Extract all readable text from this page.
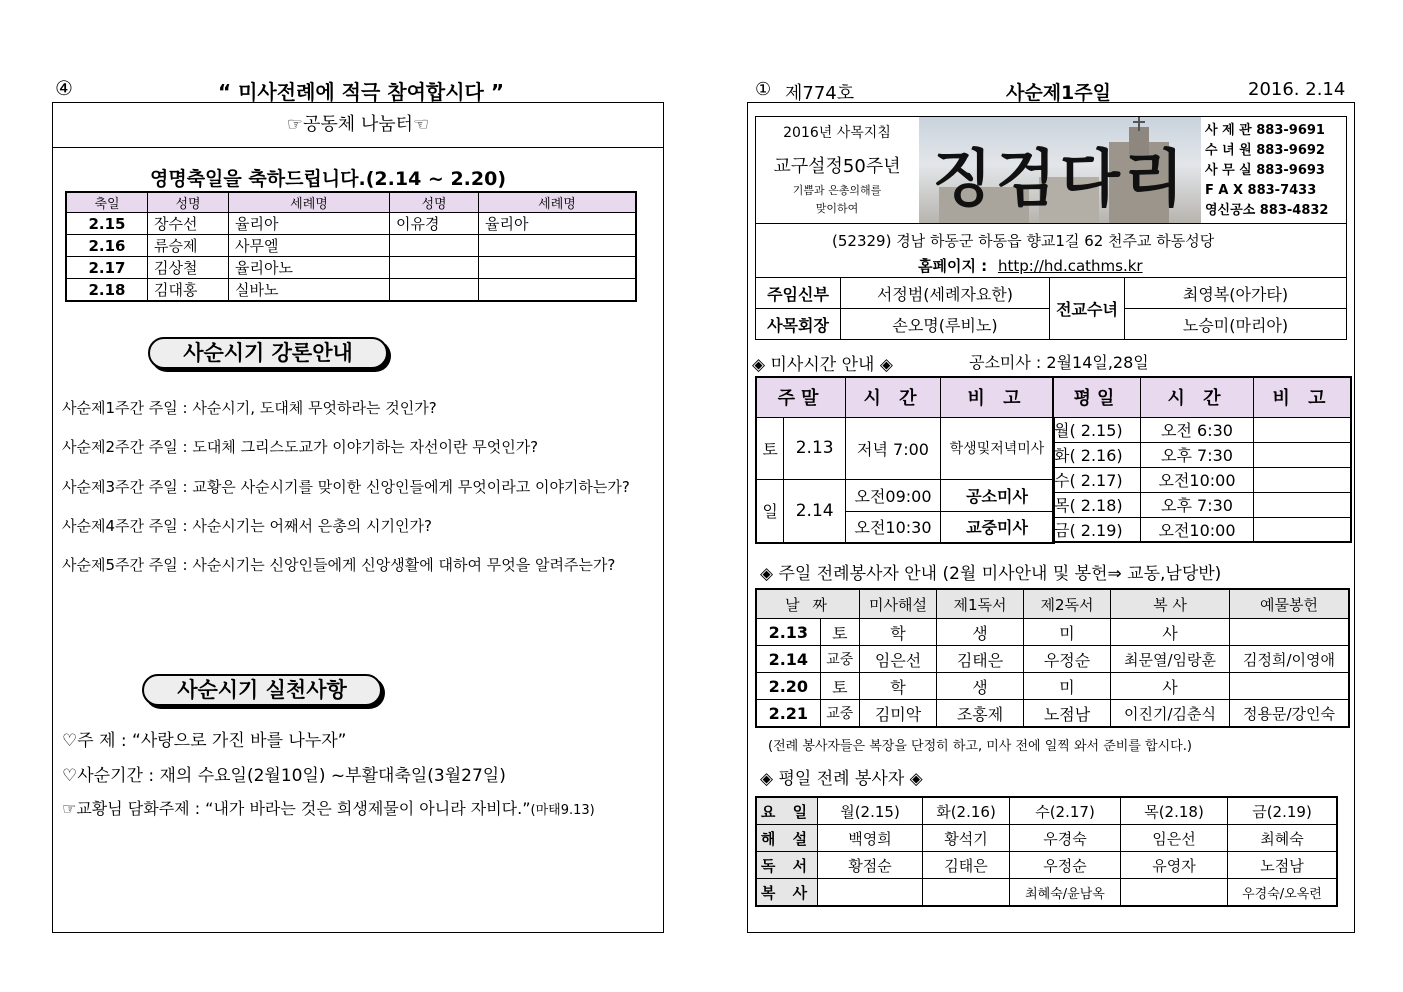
④	“ 미사전례에 적극 참여합시다 ”
☞공동체 나눔터☜
영명축일을 축하드립니다.(2.14 ~ 2.20)
축일	성명	세례명	성명	세례명
2.15	장수선	율리아	이유경	율리아
2.16	류승제	사무엘		
2.17	김상철	율리아노		
2.18	김대홍	실바노		
사순시기 강론안내
사순제1주간 주일 : 사순시기, 도대체 무엇하라는 것인가?
사순제2주간 주일 : 도대체 그리스도교가 이야기하는 자선이란 무엇인가?
사순제3주간 주일 : 교황은 사순시기를 맞이한 신앙인들에게 무엇이라고 이야기하는가?
사순제4주간 주일 : 사순시기는 어째서 은총의 시기인가?
사순제5주간 주일 : 사순시기는 신앙인들에게 신앙생활에 대하여 무엇을 알려주는가?
사순시기 실천사항
♡주 제 : “사랑으로 가진 바를 나누자”
♡사순기간 : 재의 수요일(2월10일) ~부활대축일(3월27일)
☞교황님 담화주제 : “내가 바라는 것은 희생제물이 아니라 자비다.”(마태9.13)
① 제774호	사순제1주일	2016. 2.14
2016년 사목지침
교구설정50주년
기쁨과 은총의해를
맞이하여	징검다리
사 제 관 883-9691
수 녀 원 883-9692
사 무 실 883-9693
F A X 883-7433
영신공소 883-4832
(52329) 경남 하동군 하동읍 향교1길 62 천주교 하동성당
홈페이지 : http://hd.cathms.kr
주임신부	서정범(세례자요한)	전교수녀	최영복(아가타)
사목회장	손오명(루비노)		노승미(마리아)
◈ 미사시간 안내 ◈	공소미사 : 2월14일,28일
주말		시 간	비 고
토	2.13	저녁 7:00	학생및저녁미사
일	2.14	오전09:00	공소미사
		오전10:30	교중미사
평일	시 간	비 고
월( 2.15)	오전 6:30	
화( 2.16)	오후 7:30	
수( 2.17)	오전10:00	
목( 2.18)	오후 7:30	
금( 2.19)	오전10:00	
◈ 주일 전례봉사자 안내 (2월 미사안내 및 봉헌⇒ 교동,남당반)
날 짜		미사해설	제1독서	제2독서	복 사	예물봉헌
2.13	토	학	생	미	사	
2.14	교중	임은선	김태은	우정순	최문열/임랑훈	김정희/이영애
2.20	토	학	생	미	사	
2.21	교중	김미악	조홍제	노점남	이진기/김춘식	정용문/강인숙
(전례 봉사자들은 복장을 단정히 하고, 미사 전에 일찍 와서 준비를 합시다.)
◈ 평일 전례 봉사자 ◈
요 일	월(2.15)	화(2.16)	수(2.17)	목(2.18)	금(2.19)
해 설	백영희	황석기	우경숙	임은선	최혜숙
독 서	황점순	김태은	우정순	유영자	노점남
복 사			최혜숙/윤남옥		우경숙/오옥련
